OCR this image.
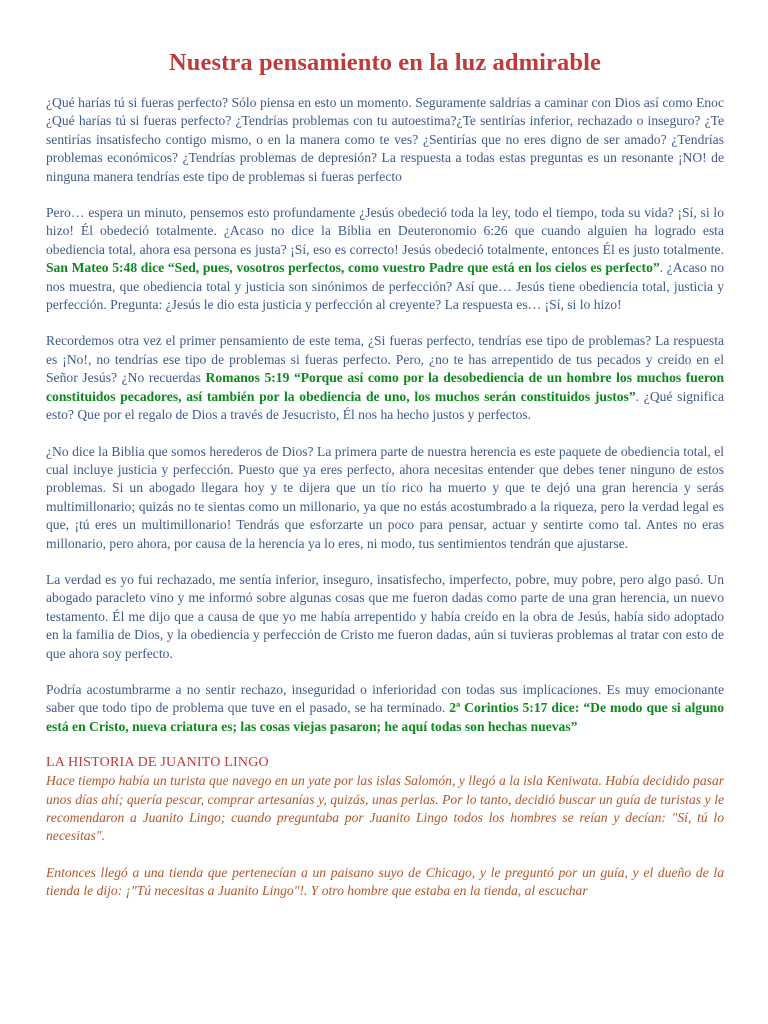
Nuestra pensamiento en la luz admirable

¿Qué harías tú si fueras perfecto? Sólo piensa en esto un momento. Seguramente saldrías a caminar con Dios así como Enoc ¿Qué harías tú si fueras perfecto? ¿Tendrías problemas con tu autoestima?¿Te sentirías inferior, rechazado o inseguro? ¿Te sentirías insatisfecho contigo mismo, o en la manera como te ves? ¿Sentirías que no eres digno de ser amado? ¿Tendrías problemas económicos? ¿Tendrías problemas de depresión? La respuesta a todas estas preguntas es un resonante ¡NO! de ninguna manera tendrías este tipo de problemas si fueras perfecto

Pero… espera un minuto, pensemos esto profundamente ¿Jesús obedeció toda la ley, todo el tiempo, toda su vida? ¡Sí, si lo hizo! Él obedeció totalmente. ¿Acaso no dice la Biblia en Deuteronomio 6:26 que cuando alguien ha logrado esta obediencia total, ahora esa persona es justa? ¡Sí, eso es correcto! Jesús obedeció totalmente, entonces Él es justo totalmente. San Mateo 5:48 dice “Sed, pues, vosotros perfectos, como vuestro Padre que está en los cielos es perfecto”. ¿Acaso no nos muestra, que obediencia total y justicia son sinónimos de perfección? Así que… Jesús tiene obediencia total, justicia y perfección. Pregunta: ¿Jesús le dio esta justicia y perfección al creyente? La respuesta es… ¡Sí, si lo hizo!

Recordemos otra vez el primer pensamiento de este tema, ¿Si fueras perfecto, tendrías ese tipo de problemas? La respuesta es ¡No!, no tendrías ese tipo de problemas si fueras perfecto. Pero, ¿no te has arrepentido de tus pecados y creído en el Señor Jesús? ¿No recuerdas Romanos 5:19 “Porque así como por la desobediencia de un hombre los muchos fueron constituidos pecadores, así también por la obediencia de uno, los muchos serán constituidos justos”. ¿Qué significa esto? Que por el regalo de Dios a través de Jesucristo, Él nos ha hecho justos y perfectos.

¿No dice la Biblia que somos herederos de Dios? La primera parte de nuestra herencia es este paquete de obediencia total, el cual incluye justicia y perfección. Puesto que ya eres perfecto, ahora necesitas entender que debes tener ninguno de estos problemas. Si un abogado llegara hoy y te dijera que un tío rico ha muerto y que te dejó una gran herencia y serás multimillonario; quizás no te sientas como un millonario, ya que no estás acostumbrado a la riqueza, pero la verdad legal es que, ¡tú eres un multimillonario! Tendrás que esforzarte un poco para pensar, actuar y sentirte como tal. Antes no eras millonario, pero ahora, por causa de la herencia ya lo eres, ni modo, tus sentimientos tendrán que ajustarse.

La verdad es yo fui rechazado, me sentía inferior, inseguro, insatisfecho, imperfecto, pobre, muy pobre, pero algo pasó. Un abogado paracleto vino y me informó sobre algunas cosas que me fueron dadas como parte de una gran herencia, un nuevo testamento. Él me dijo que a causa de que yo me había arrepentido y había creído en la obra de Jesús, había sido adoptado en la familia de Dios, y la obediencia y perfección de Cristo me fueron dadas, aún si tuvieras problemas al tratar con esto de que ahora soy perfecto.

Podría acostumbrarme a no sentir rechazo, inseguridad o inferioridad con todas sus implicaciones. Es muy emocionante saber que todo tipo de problema que tuve en el pasado, se ha terminado. 2ª Corintios 5:17 dice: “De modo que si alguno está en Cristo, nueva criatura es; las cosas viejas pasaron; he aquí todas son hechas nuevas”

LA HISTORIA DE JUANITO LINGO

Hace tiempo había un turista que navego en un yate por las islas Salomón, y llegó a la isla Keniwata. Había decidido pasar unos días ahí; quería pescar, comprar artesanías y, quizás, unas perlas. Por lo tanto, decidió buscar un guía de turistas y le recomendaron a Juanito Lingo; cuando preguntaba por Juanito Lingo todos los hombres se reían y decían: "Sí, tú lo necesitas".

Entonces llegó a una tienda que pertenecían a un paisano suyo de Chicago, y le preguntó por un guía, y el dueño de la tienda le dijo: ¡"Tú necesitas a Juanito Lingo"!. Y otro hombre que estaba en la tienda, al escuchar
